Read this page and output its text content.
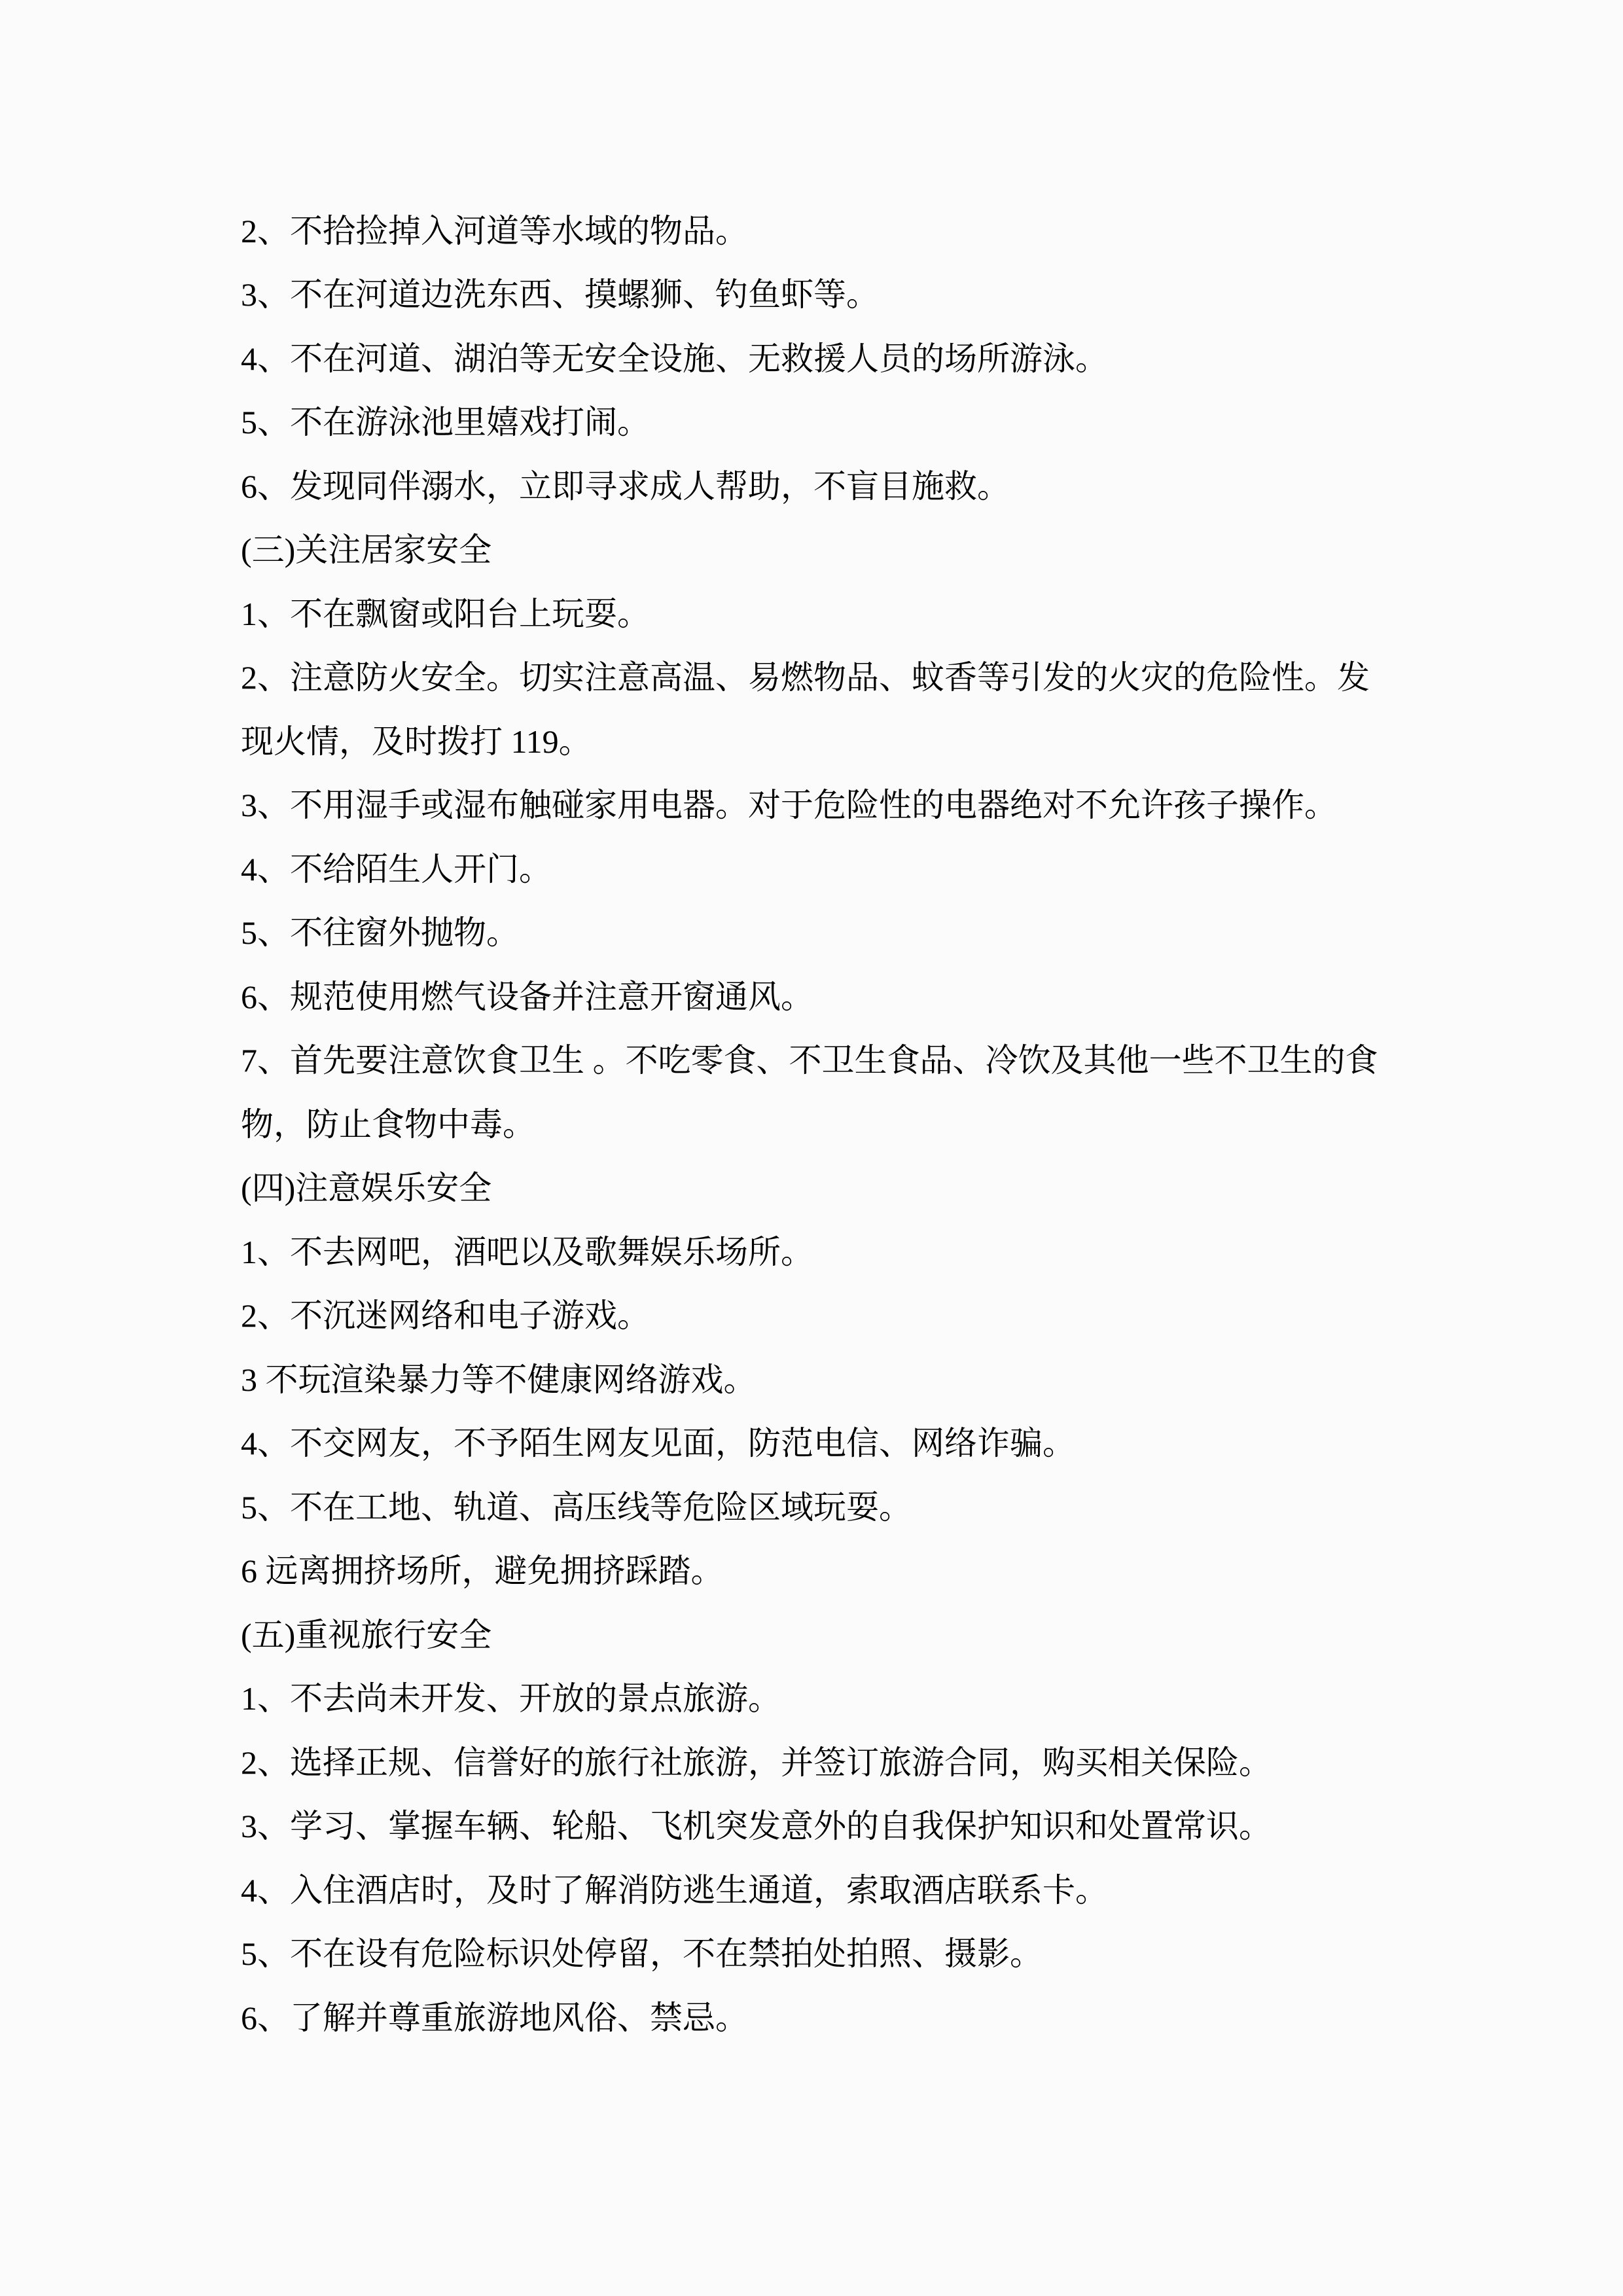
2、不拾捡掉入河道等水域的物品。
3、不在河道边洗东西、摸螺狮、钓鱼虾等。
4、不在河道、湖泊等无安全设施、无救援人员的场所游泳。
5、不在游泳池里嬉戏打闹。
6、发现同伴溺水，立即寻求成人帮助，不盲目施救。
(三)关注居家安全
1、不在飘窗或阳台上玩耍。
2、注意防火安全。切实注意高温、易燃物品、蚊香等引发的火灾的危险性。发
现火情，及时拨打 119。
3、不用湿手或湿布触碰家用电器。对于危险性的电器绝对不允许孩子操作。
4、不给陌生人开门。
5、不往窗外抛物。
6、规范使用燃气设备并注意开窗通风。
7、首先要注意饮食卫生 。不吃零食、不卫生食品、冷饮及其他一些不卫生的食
物，防止食物中毒。
(四)注意娱乐安全
1、不去网吧，酒吧以及歌舞娱乐场所。
2、不沉迷网络和电子游戏。
3 不玩渲染暴力等不健康网络游戏。
4、不交网友，不予陌生网友见面，防范电信、网络诈骗。
5、不在工地、轨道、高压线等危险区域玩耍。
6 远离拥挤场所，避免拥挤踩踏。
(五)重视旅行安全
1、不去尚未开发、开放的景点旅游。
2、选择正规、信誉好的旅行社旅游，并签订旅游合同，购买相关保险。
3、学习、掌握车辆、轮船、飞机突发意外的自我保护知识和处置常识。
4、入住酒店时，及时了解消防逃生通道，索取酒店联系卡。
5、不在设有危险标识处停留，不在禁拍处拍照、摄影。
6、了解并尊重旅游地风俗、禁忌。
